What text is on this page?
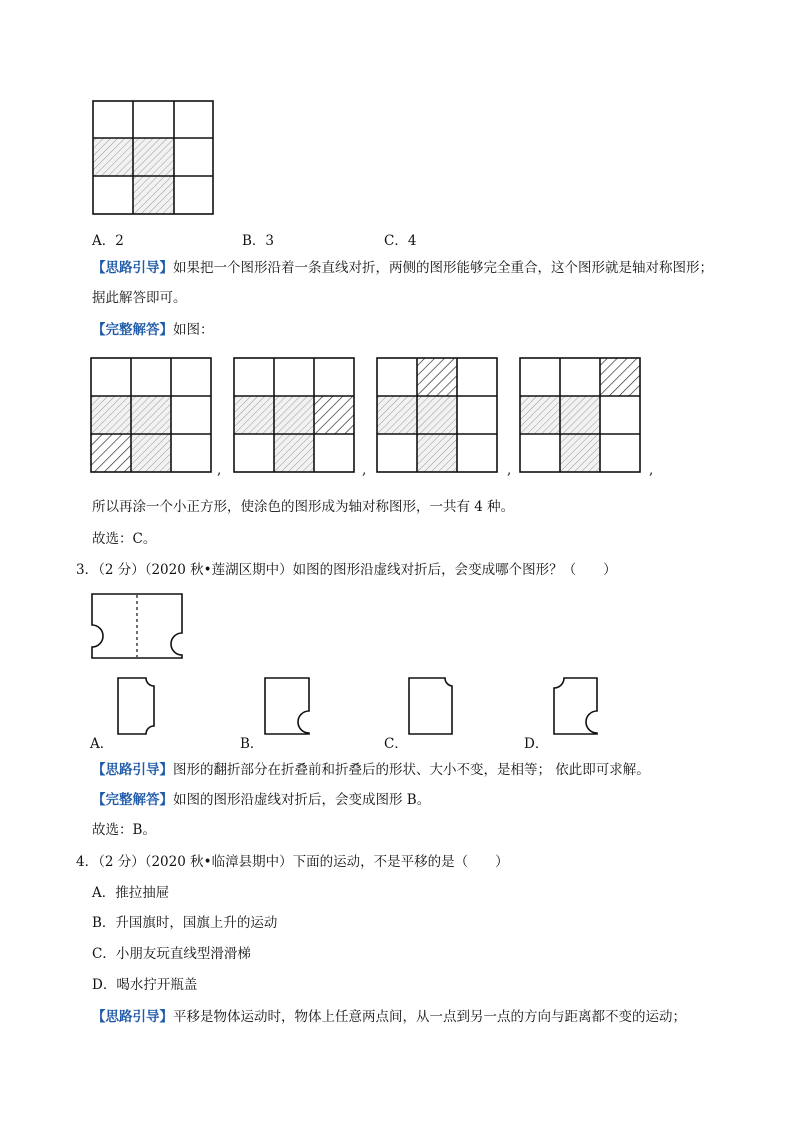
A．2	B．3	C．4
【思路引导】如果把一个图形沿着一条直线对折，两侧的图形能够完全重合，这个图形就是轴对称图形；
据此解答即可。
【完整解答】如图：
,	,	,	,
所以再涂一个小正方形，使涂色的图形成为轴对称图形，一共有 4 种。
故选：C。
3．（2 分）（2020 秋•莲湖区期中）如图的图形沿虚线对折后，会变成哪个图形？（　　）
A．	B．	C．	D．
【思路引导】图形的翻折部分在折叠前和折叠后的形状、大小不变，是相等； 依此即可求解。
【完整解答】如图的图形沿虚线对折后，会变成图形 B。
故选：B。
4．（2 分）（2020 秋•临漳县期中）下面的运动，不是平移的是（　　）
A．推拉抽屉
B．升国旗时，国旗上升的运动
C．小朋友玩直线型滑滑梯
D．喝水拧开瓶盖
【思路引导】平移是物体运动时，物体上任意两点间，从一点到另一点的方向与距离都不变的运动；
